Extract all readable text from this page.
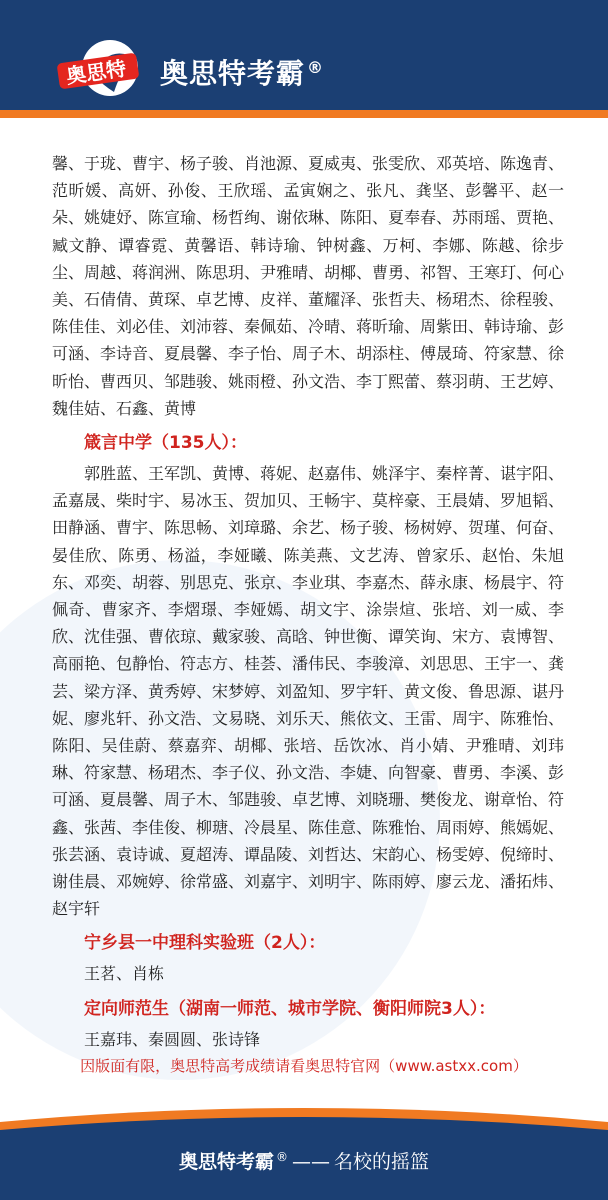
奥思特 奥思特考霸 ®

馨、于珑、曹宇、杨子骏、肖池源、夏威夷、张雯欣、邓英培、陈逸青、范昕媛、高妍、孙俊、王欣瑶、孟寅娴之、张凡、龚坚、彭馨平、赵一朵、姚婕妤、陈宣瑜、杨哲绚、谢依琳、陈阳、夏奉春、苏雨瑶、贾艳、臧文静、谭睿霓、黄馨语、韩诗瑜、钟树鑫、万柯、李娜、陈越、徐步尘、周越、蒋润洲、陈思玥、尹雅晴、胡椰、曹勇、祁智、王寒玎、何心美、石倩倩、黄琛、卓艺博、皮祥、董耀泽、张哲夫、杨珺杰、徐程骏、陈佳佳、刘必佳、刘沛蓉、秦佩茹、冷晴、蒋昕瑜、周紫田、韩诗瑜、彭可涵、李诗音、夏晨馨、李子怡、周子木、胡添柱、傅晟琦、符家慧、徐昕怡、曹西贝、邹韪骏、姚雨橙、孙文浩、李丁熙蕾、蔡羽萌、王艺婷、魏佳姞、石鑫、黄博

箴言中学（135人）：

郭胜蓝、王军凯、黄博、蒋妮、赵嘉伟、姚泽宇、秦梓菁、谌宇阳、孟嘉晟、柴时宇、易冰玉、贺加贝、王畅宇、莫梓豪、王晨婧、罗旭韬、田静涵、曹宇、陈思畅、刘璋璐、余艺、杨子骏、杨树婷、贺瑾、何奋、晏佳欣、陈勇、杨溢，李娅曦、陈美燕、文艺涛、曾家乐、赵怡、朱旭东、邓奕、胡蓉、别思克、张京、李业琪、李嘉杰、薛永康、杨晨宇、符佩奇、曹家齐、李熠璟、李娅嫣、胡文宇、涂崇煊、张培、刘一威、李欣、沈佳强、曹依琼、戴家骏、高晗、钟世衡、谭笑询、宋方、袁博智、高丽艳、包静怡、符志方、桂荟、潘伟民、李骏漳、刘思思、王宇一、龚芸、梁方泽、黄秀婷、宋梦婷、刘盈知、罗宇轩、黄文俊、鲁思源、谌丹妮、廖兆轩、孙文浩、文易晓、刘乐天、熊依文、王雷、周宇、陈雅怡、陈阳、吴佳蔚、蔡嘉弈、胡椰、张培、岳饮冰、肖小婧、尹雅晴、刘玮琳、符家慧、杨珺杰、李子仪、孙文浩、李婕、向智豪、曹勇、李溪、彭可涵、夏晨馨、周子木、邹韪骏、卓艺博、刘晓珊、樊俊龙、谢章怡、符鑫、张茜、李佳俊、柳瑭、冷晨星、陈佳意、陈雅怡、周雨婷、熊嫣妮、张芸涵、袁诗诚、夏超涛、谭晶陵、刘哲达、宋韵心、杨雯婷、倪缔时、谢佳晨、邓婉婷、徐常盛、刘嘉宇、刘明宇、陈雨婷、廖云龙、潘拓炜、赵宇轩

宁乡县一中理科实验班（2人）：

王茗、肖栋

定向师范生（湖南一师范、城市学院、衡阳师院3人）：

王嘉玮、秦圆圆、张诗锋

因版面有限，奥思特高考成绩请看奥思特官网（www.astxx.com）
奥思特考霸 ® —— 名校的摇篮
